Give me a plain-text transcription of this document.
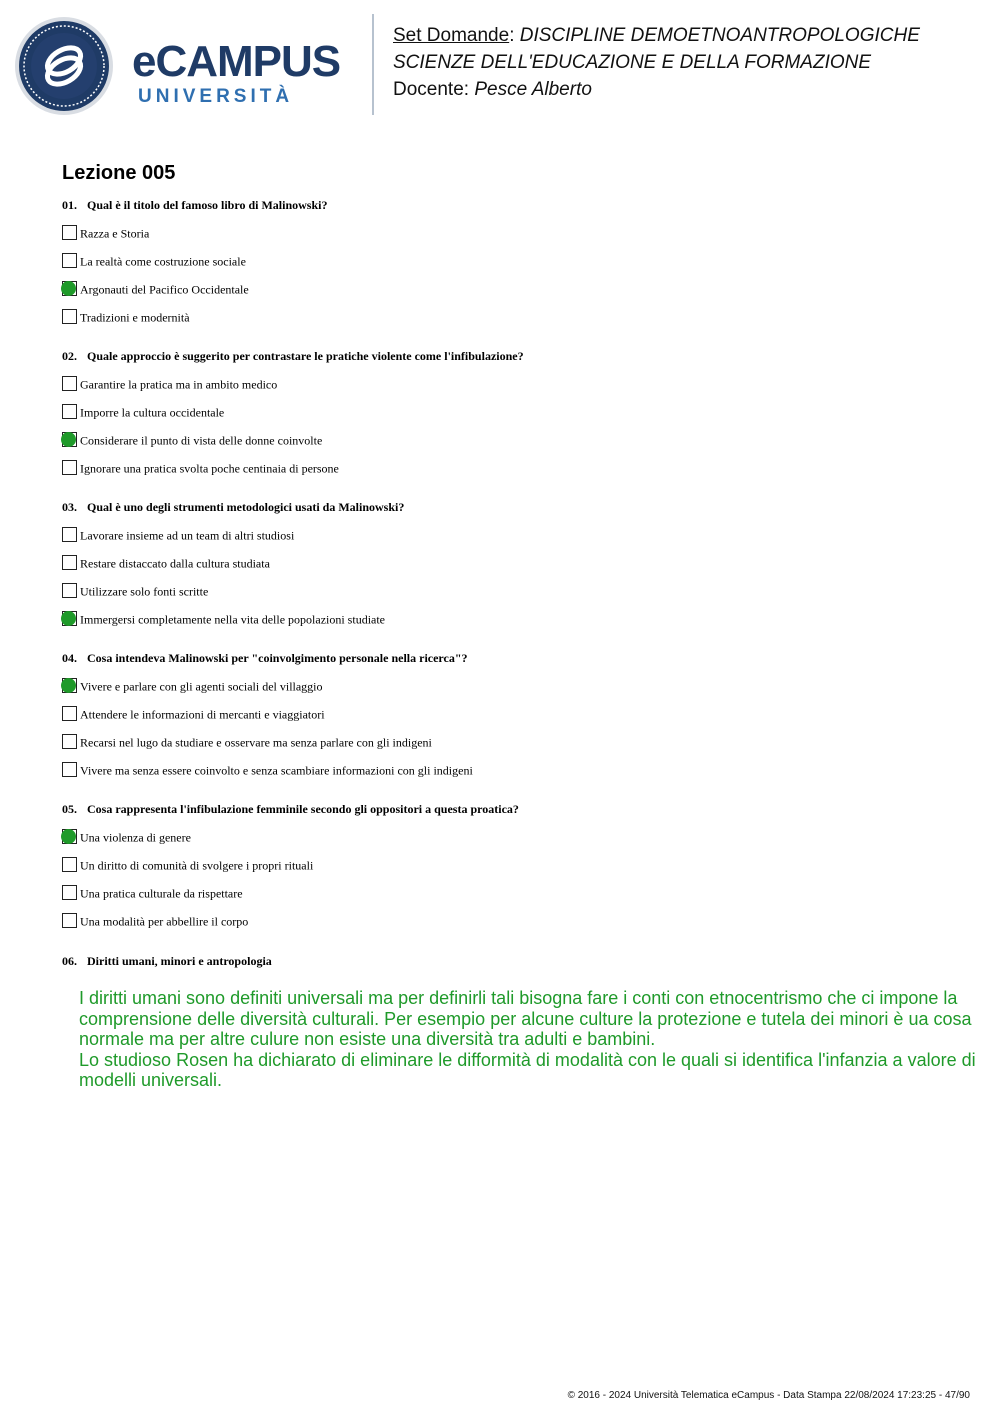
eCAMPUS
UNIVERSITÀ
Set Domande: DISCIPLINE DEMOETNOANTROPOLOGICHE
SCIENZE DELL'EDUCAZIONE E DELLA FORMAZIONE
Docente: Pesce Alberto
Lezione 005
01. Qual è il titolo del famoso libro di Malinowski?
Razza e Storia
La realtà come costruzione sociale
Argonauti del Pacifico Occidentale
Tradizioni e modernità
02. Quale approccio è suggerito per contrastare le pratiche violente come l'infibulazione?
Garantire la pratica ma in ambito medico
Imporre la cultura occidentale
Considerare il punto di vista delle donne coinvolte
Ignorare una pratica svolta poche centinaia di persone
03. Qual è uno degli strumenti metodologici usati da Malinowski?
Lavorare insieme ad un team di altri studiosi
Restare distaccato dalla cultura studiata
Utilizzare solo fonti scritte
Immergersi completamente nella vita delle popolazioni studiate
04. Cosa intendeva Malinowski per "coinvolgimento personale nella ricerca"?
Vivere e parlare con gli agenti sociali del villaggio
Attendere le informazioni di mercanti e viaggiatori
Recarsi nel lugo da studiare e osservare ma senza parlare con gli indigeni
Vivere ma senza essere coinvolto e senza scambiare informazioni con gli indigeni
05. Cosa rappresenta l'infibulazione femminile secondo gli oppositori a questa proatica?
Una violenza di genere
Un diritto di comunità di svolgere i propri rituali
Una pratica culturale da rispettare
Una modalità per abbellire il corpo
06. Diritti umani, minori e antropologia

I diritti umani sono definiti universali ma per definirli tali bisogna fare i conti con etnocentrismo che ci impone la comprensione delle diversità culturali. Per esempio per alcune culture la protezione e tutela dei minori è ua cosa normale ma per altre culure non esiste una diversità tra adulti e bambini.

Lo studioso Rosen ha dichiarato di eliminare le difformità di modalità con le quali si identifica l'infanzia a valore di modelli universali.

© 2016 - 2024 Università Telematica eCampus - Data Stampa 22/08/2024 17:23:25 - 47/90
